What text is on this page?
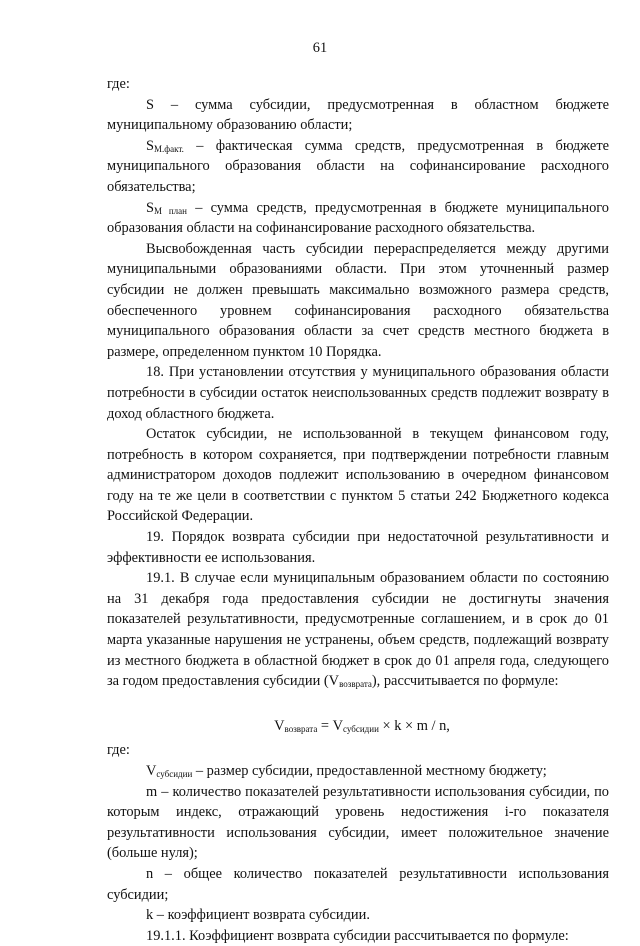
61

где:

S – сумма субсидии, предусмотренная в областном бюджете муниципальному образованию области;

$S_{М.факт.}$ – фактическая сумма средств, предусмотренная в бюджете муниципального образования области на софинансирование расходного обязательства;

$S_{М план}$ – сумма средств, предусмотренная в бюджете муниципального образования области на софинансирование расходного обязательства.

Высвобожденная часть субсидии перераспределяется между другими муниципальными образованиями области. При этом уточненный размер субсидии не должен превышать максимально возможного размера средств, обеспеченного уровнем софинансирования расходного обязательства муниципального образования области за счет средств местного бюджета в размере, определенном пунктом 10 Порядка.

18. При установлении отсутствия у муниципального образования области потребности в субсидии остаток неиспользованных средств подлежит возврату в доход областного бюджета.

Остаток субсидии, не использованной в текущем финансовом году, потребность в котором сохраняется, при подтверждении потребности главным администратором доходов подлежит использованию в очередном финансовом году на те же цели в соответствии с пунктом 5 статьи 242 Бюджетного кодекса Российской Федерации.

19. Порядок возврата субсидии при недостаточной результативности и эффективности ее использования.

19.1. В случае если муниципальным образованием области по состоянию на 31 декабря года предоставления субсидии не достигнуты значения показателей результативности, предусмотренные соглашением, и в срок до 01 марта указанные нарушения не устранены, объем средств, подлежащий возврату из местного бюджета в областной бюджет в срок до 01 апреля года, следующего за годом предоставления субсидии $(V_{возврата})$, рассчитывается по формуле:

$V_{возврата} = V_{субсидии} \times k \times m / n$,

где:

$V_{субсидии}$ – размер субсидии, предоставленной местному бюджету;

m – количество показателей результативности использования субсидии, по которым индекс, отражающий уровень недостижения i-го показателя результативности использования субсидии, имеет положительное значение (больше нуля);

n – общее количество показателей результативности использования субсидии;

k – коэффициент возврата субсидии.

19.1.1. Коэффициент возврата субсидии рассчитывается по формуле:
